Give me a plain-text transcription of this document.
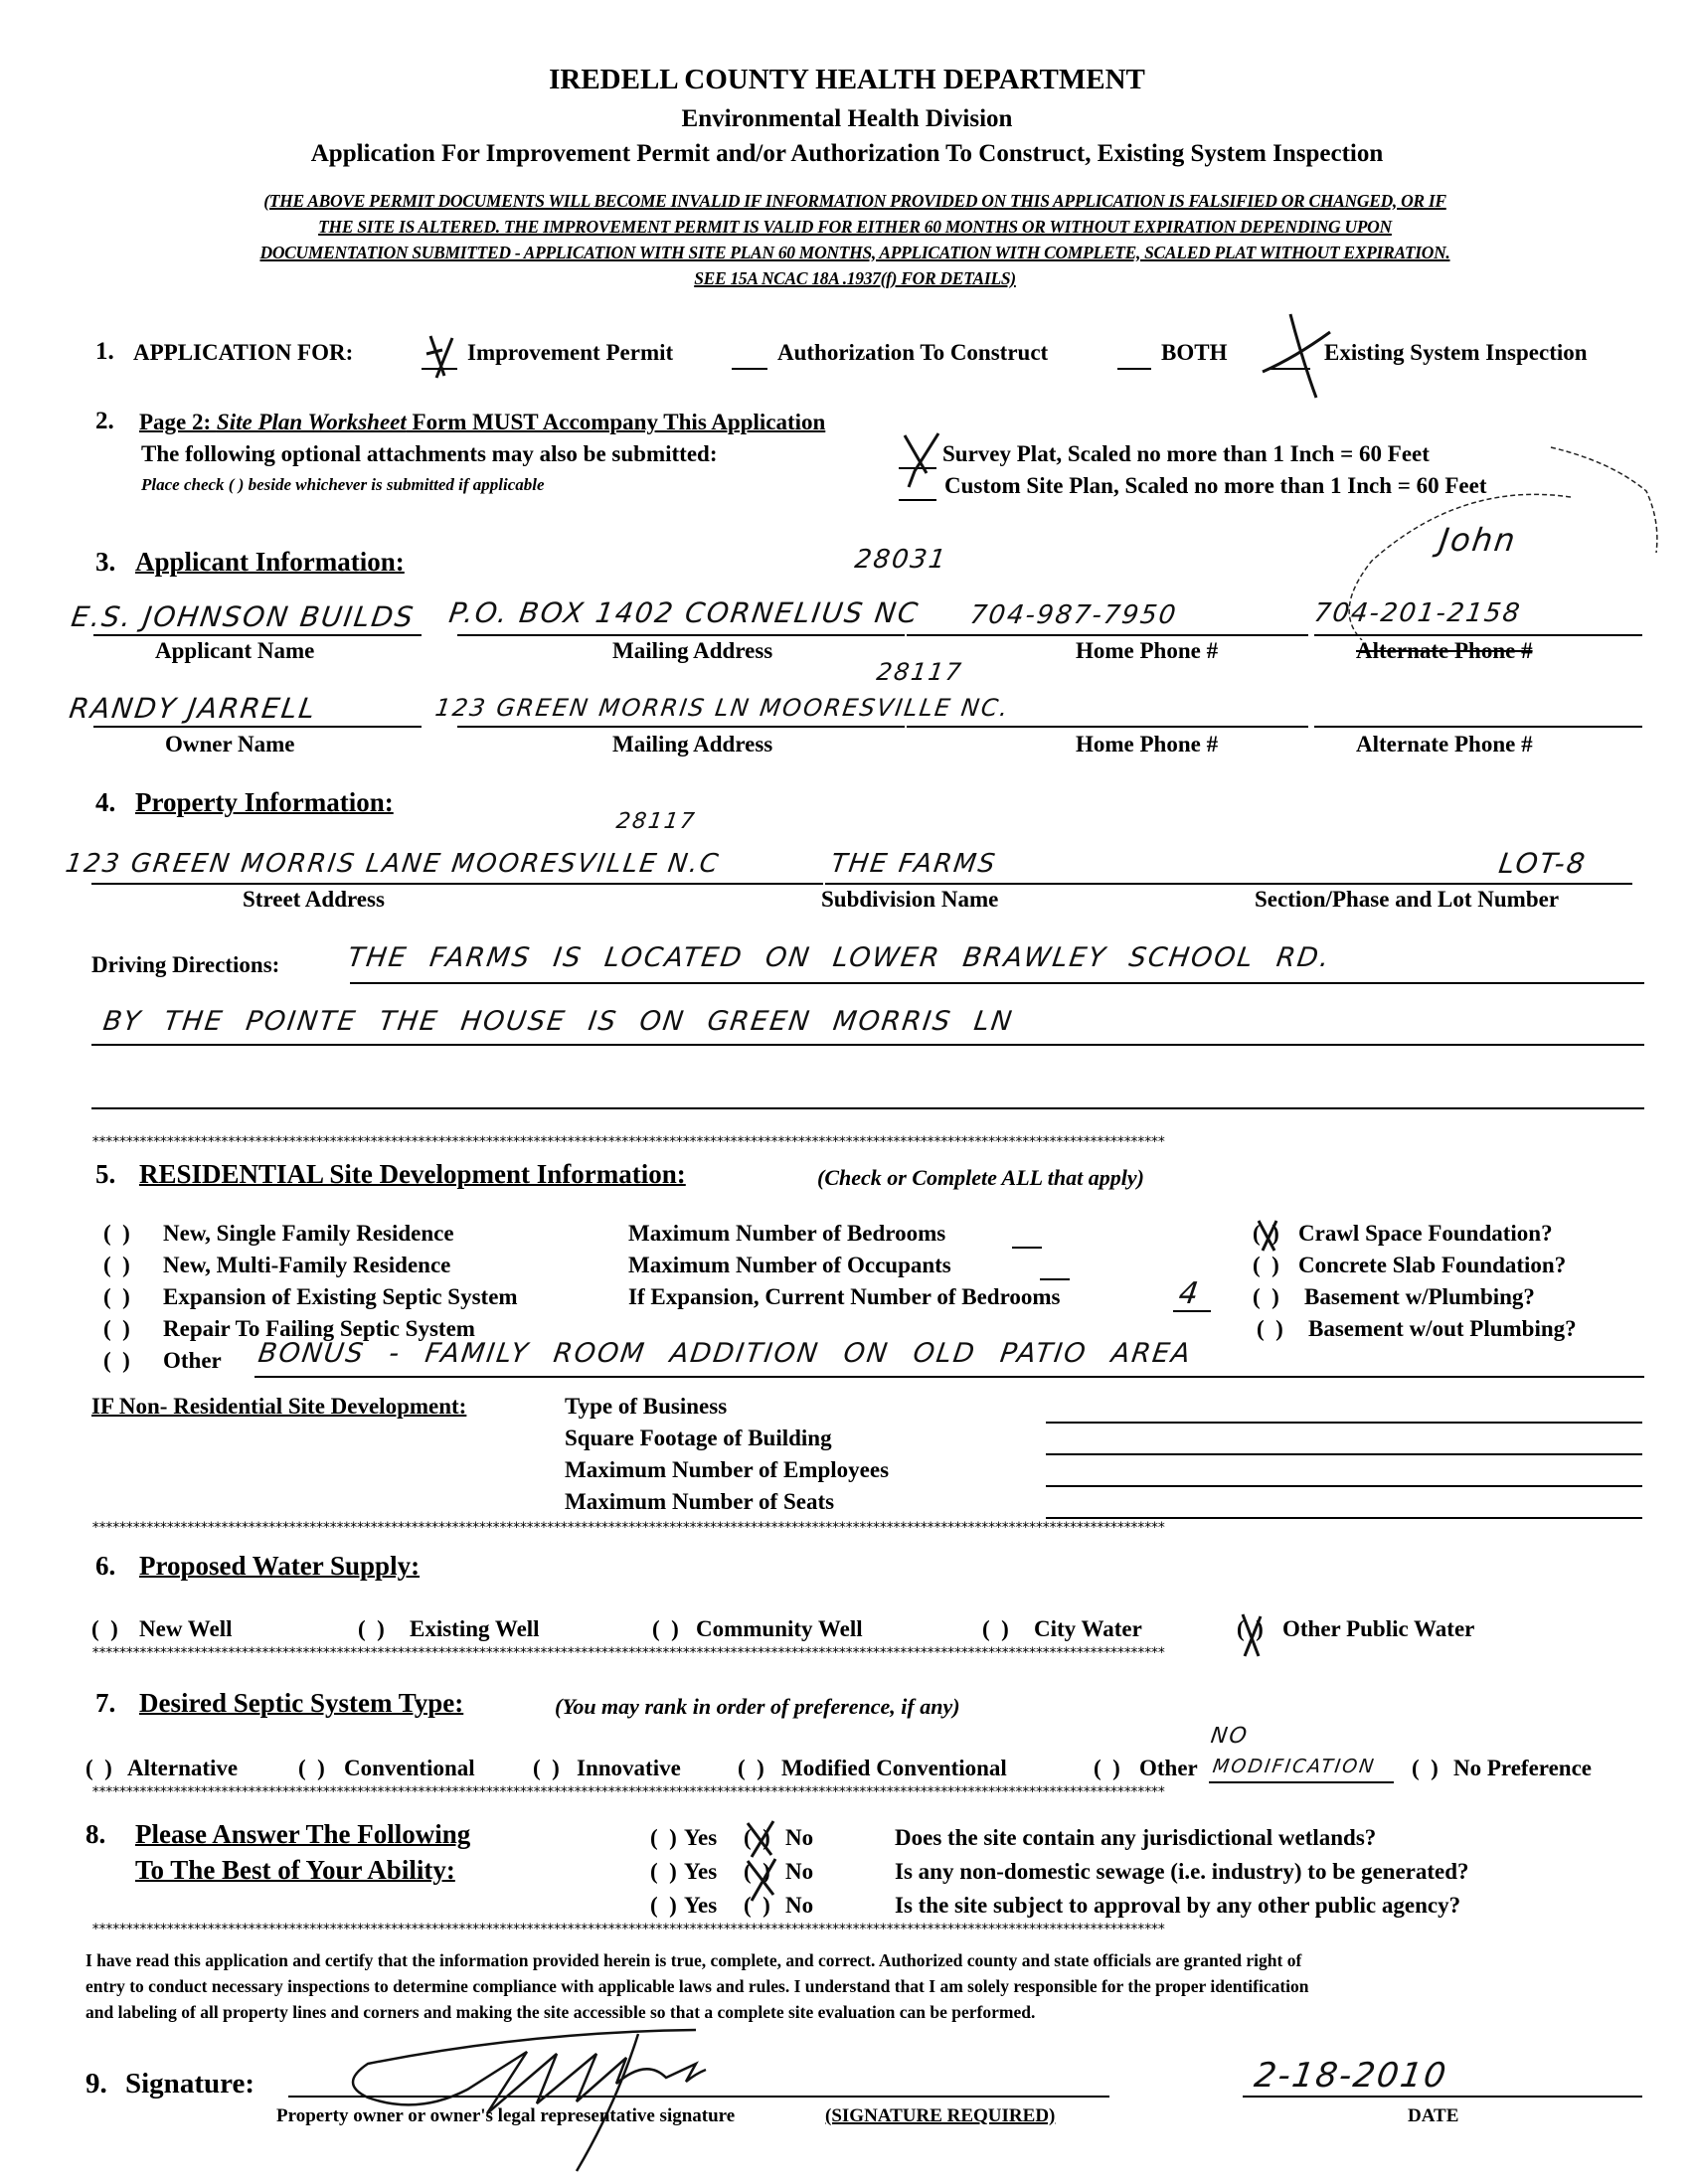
IREDELL COUNTY HEALTH DEPARTMENT
Environmental Health Division
Application For Improvement Permit and/or Authorization To Construct, Existing System Inspection
(THE ABOVE PERMIT DOCUMENTS WILL BECOME INVALID IF INFORMATION PROVIDED ON THIS APPLICATION IS FALSIFIED OR CHANGED, OR IF
THE SITE IS ALTERED. THE IMPROVEMENT PERMIT IS VALID FOR EITHER 60 MONTHS OR WITHOUT EXPIRATION DEPENDING UPON
DOCUMENTATION SUBMITTED - APPLICATION WITH SITE PLAN 60 MONTHS, APPLICATION WITH COMPLETE, SCALED PLAT WITHOUT EXPIRATION.
SEE 15A NCAC 18A .1937(f) FOR DETAILS)
1. APPLICATION FOR:	Improvement Permit	Authorization To Construct	BOTH	Existing System Inspection
2. Page 2: Site Plan Worksheet Form MUST Accompany This Application
The following optional attachments may also be submitted:
Place check ( ) beside whichever is submitted if applicable
Survey Plat, Scaled no more than 1 Inch = 60 Feet
Custom Site Plan, Scaled no more than 1 Inch = 60 Feet
3. Applicant Information:
E.S. JOHNSON BUILDS P.O. BOX 1402 CORNELIUS NC
28031
704-987-7950	704-201-2158
John
Applicant Name	Mailing Address	Home Phone #	Alternate Phone #
RANDY JARRELL	123 GREEN MORRIS LN MOORESVILLE NC.
28117
Owner Name	Mailing Address	Home Phone #	Alternate Phone #
4. Property Information:
123 GREEN MORRIS LANE MOORESVILLE N.C
28117
THE FARMS	LOT-8
Street Address	Subdivision Name	Section/Phase and Lot Number
Driving Directions: THE FARMS IS LOCATED ON LOWER BRAWLEY SCHOOL RD.
BY THE POINTE THE HOUSE IS ON GREEN MORRIS LN
**************************************************************************************************************************************************************
5. RESIDENTIAL Site Development Information:	(Check or Complete ALL that apply)
(  ) New, Single Family Residence
(  ) New, Multi-Family Residence
(  ) Expansion of Existing Septic System
(  ) Repair To Failing Septic System
(  ) Other BONUS - FAMILY ROOM ADDITION ON OLD PATIO AREA
Maximum Number of Bedrooms
Maximum Number of Occupants
If Expansion, Current Number of Bedrooms	4
(  ) Crawl Space Foundation?
(  ) Concrete Slab Foundation?
(  ) Basement w/Plumbing?
(  ) Basement w/out Plumbing?
IF Non- Residential Site Development:	Type of Business
Square Footage of Building
Maximum Number of Employees
Maximum Number of Seats
**************************************************************************************************************************************************************
6. Proposed Water Supply:
(  ) New Well	(  ) Existing Well	(  ) Community Well	(  ) City Water	(  ) Other Public Water
**************************************************************************************************************************************************************
7. Desired Septic System Type:	(You may rank in order of preference, if any)
(  ) Alternative	(  ) Conventional	(  ) Innovative (  ) Modified Conventional	(  ) Other MODIFICATION
NO
(  ) No Preference
**************************************************************************************************************************************************************
8. Please Answer The Following
To The Best of Your Ability:
(  ) Yes (  ) No	Does the site contain any jurisdictional wetlands?
(  ) Yes (  ) No	Is any non-domestic sewage (i.e. industry) to be generated?
(  ) Yes (  ) No	Is the site subject to approval by any other public agency?
**************************************************************************************************************************************************************
I have read this application and certify that the information provided herein is true, complete, and correct. Authorized county and state officials are granted right of
entry to conduct necessary inspections to determine compliance with applicable laws and rules. I understand that I am solely responsible for the proper identification
and labeling of all property lines and corners and making the site accessible so that a complete site evaluation can be performed.
9. Signature:
Property owner or owner's legal representative signature	(SIGNATURE REQUIRED)
2-18-2010
DATE
